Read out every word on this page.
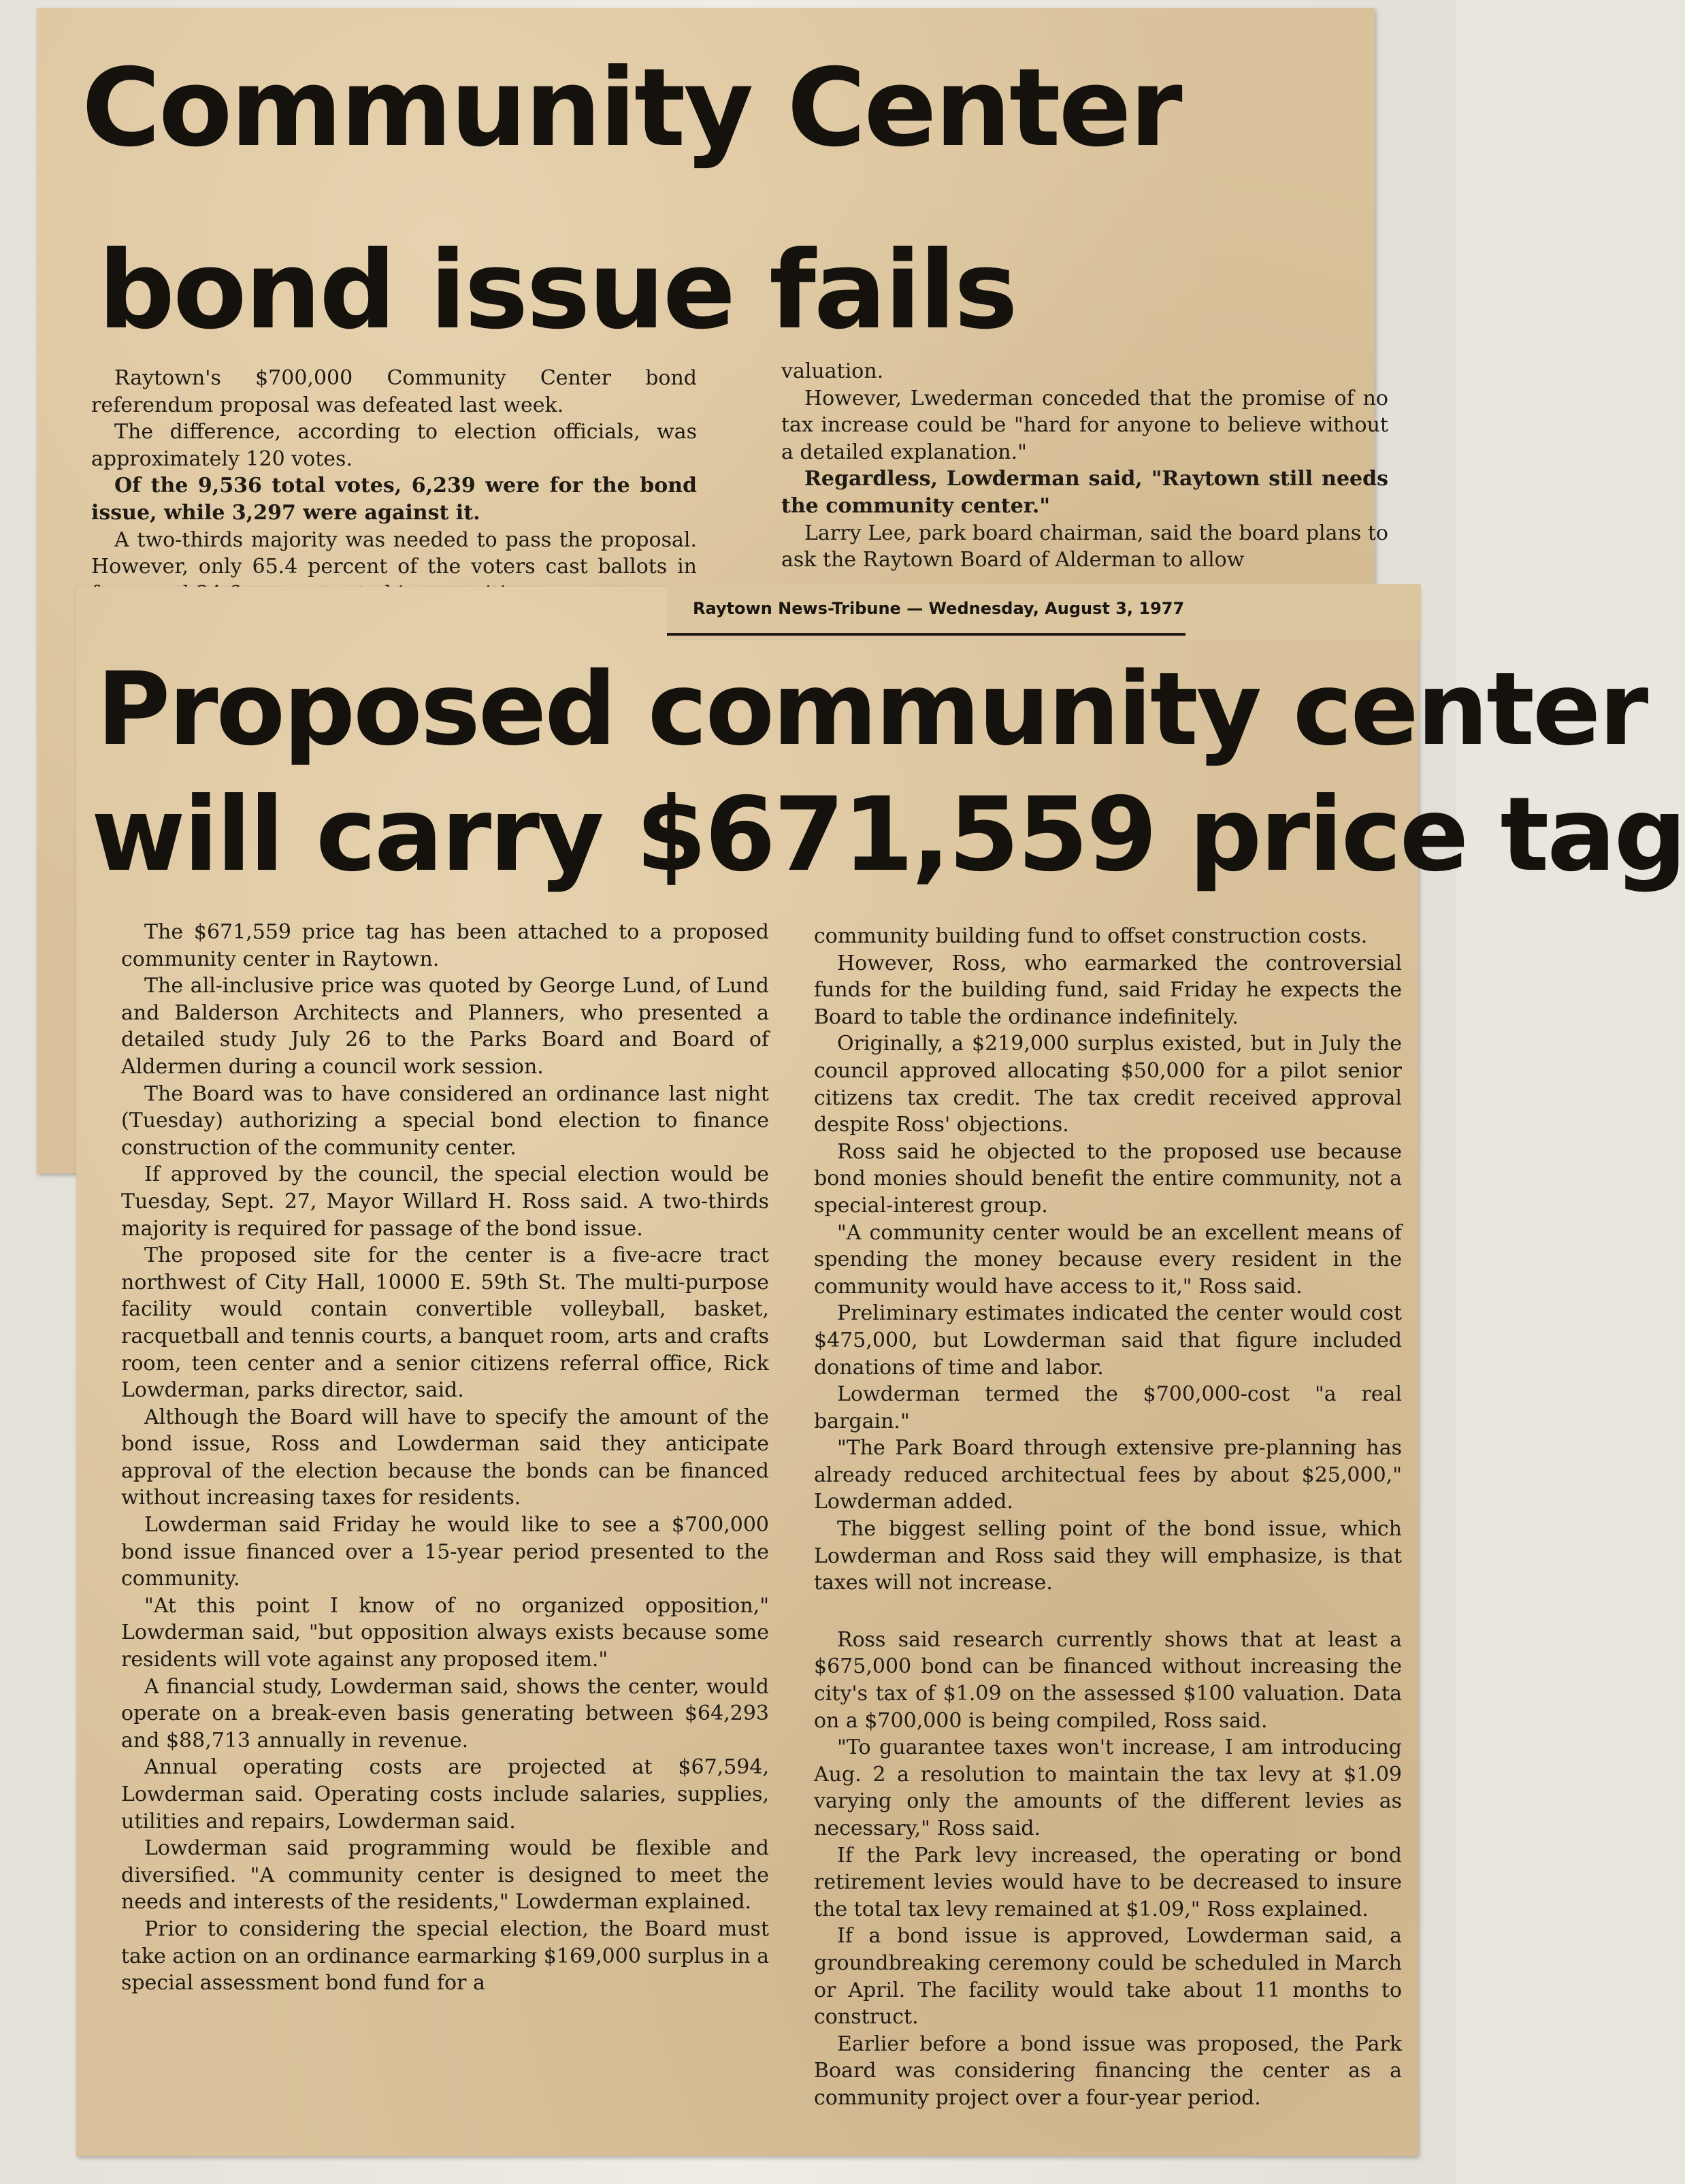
Community Center
bond issue fails

Raytown's $700,000 Community Center bond referendum proposal was defeated last week.

The difference, according to election officials, was approximately 120 votes.

Of the 9,536 total votes, 6,239 were for the bond issue, while 3,297 were against it.

A two-thirds majority was needed to pass the proposal. However, only 65.4 percent of the voters cast ballots in

valuation.

However, Lwederman conceded that the promise of no tax increase could be "hard for anyone to believe without a detailed explanation."

Regardless, Lowderman said, "Raytown still needs the community center."

Larry Lee, park board chairman, said the board plans to ask the Raytown Board of Alderman to allow

Raytown News-Tribune — Wednesday, August 3, 1977

Proposed community center
will carry $671,559 price tag

The $671,559 price tag has been attached to a proposed community center in Raytown.

The all-inclusive price was quoted by George Lund, of Lund and Balderson Architects and Planners, who presented a detailed study July 26 to the Parks Board and Board of Aldermen during a council work session.

The Board was to have considered an ordinance last night (Tuesday) authorizing a special bond election to finance construction of the community center.

If approved by the council, the special election would be Tuesday, Sept. 27, Mayor Willard H. Ross said. A two-thirds majority is required for passage of the bond issue.

The proposed site for the center is a five-acre tract northwest of City Hall, 10000 E. 59th St. The multi-purpose facility would contain convertible volleyball, basket, racquetball and tennis courts, a banquet room, arts and crafts room, teen center and a senior citizens referral office, Rick Lowderman, parks director, said.

Although the Board will have to specify the amount of the bond issue, Ross and Lowderman said they anticipate approval of the election because the bonds can be financed without increasing taxes for residents.

Lowderman said Friday he would like to see a $700,000 bond issue financed over a 15-year period presented to the community.

"At this point I know of no organized opposition," Lowderman said, "but opposition always exists because some residents will vote against any proposed item."

A financial study, Lowderman said, shows the center, would operate on a break-even basis generating between $64,293 and $88,713 annually in revenue.

Annual operating costs are projected at $67,594, Lowderman said. Operating costs include salaries, supplies, utilities and repairs, Lowderman said.

Lowderman said programming would be flexible and diversified. "A community center is designed to meet the needs and interests of the residents," Lowderman explained.

Prior to considering the special election, the Board must take action on an ordinance earmarking $169,000 surplus in a special assessment bond fund for a

community building fund to offset construction costs.

However, Ross, who earmarked the controversial funds for the building fund, said Friday he expects the Board to table the ordinance indefinitely.

Originally, a $219,000 surplus existed, but in July the council approved allocating $50,000 for a pilot senior citizens tax credit. The tax credit received approval despite Ross' objections.

Ross said he objected to the proposed use because bond monies should benefit the entire community, not a special-interest group.

"A community center would be an excellent means of spending the money because every resident in the community would have access to it," Ross said.

Preliminary estimates indicated the center would cost $475,000, but Lowderman said that figure included donations of time and labor.

Lowderman termed the $700,000-cost "a real bargain."

"The Park Board through extensive pre-planning has already reduced architectual fees by about $25,000," Lowderman added.

The biggest selling point of the bond issue, which Lowderman and Ross said they will emphasize, is that taxes will not increase.

Ross said research currently shows that at least a $675,000 bond can be financed without increasing the city's tax of $1.09 on the assessed $100 valuation. Data on a $700,000 is being compiled, Ross said.

"To guarantee taxes won't increase, I am introducing Aug. 2 a resolution to maintain the tax levy at $1.09 varying only the amounts of the different levies as necessary," Ross said.

If the Park levy increased, the operating or bond retirement levies would have to be decreased to insure the total tax levy remained at $1.09," Ross explained.

If a bond issue is approved, Lowderman said, a groundbreaking ceremony could be scheduled in March or April. The facility would take about 11 months to construct.

Earlier before a bond issue was proposed, the Park Board was considering financing the center as a community project over a four-year period.
